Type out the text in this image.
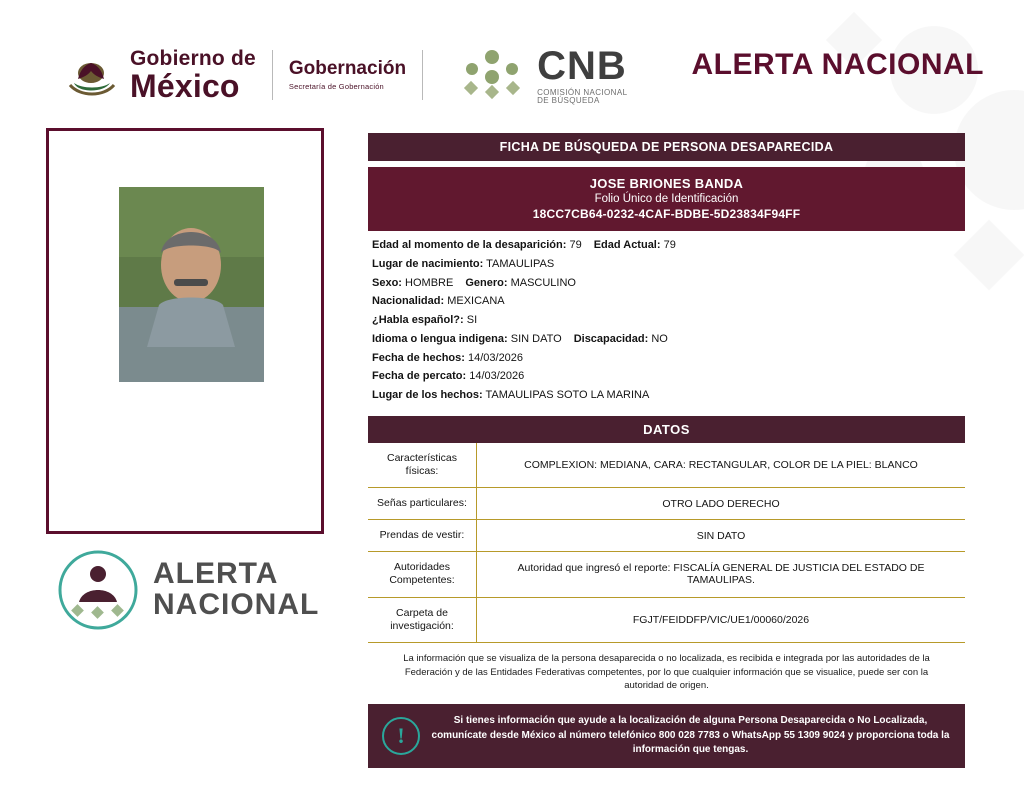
Gobierno de
México	Gobernación
Secretaría de Gobernación	CNB
COMISIÓN NACIONAL
DE BÚSQUEDA
ALERTA NACIONAL
ALERTA
NACIONAL
FICHA DE BÚSQUEDA DE PERSONA DESAPARECIDA
JOSE BRIONES BANDA
Folio Único de Identificación
18CC7CB64-0232-4CAF-BDBE-5D23834F94FF
Edad al momento de la desaparición: 79 Edad Actual: 79
Lugar de nacimiento: TAMAULIPAS
Sexo: HOMBRE Genero: MASCULINO
Nacionalidad: MEXICANA
¿Habla español?: SI
Idioma o lengua indigena: SIN DATO Discapacidad: NO
Fecha de hechos: 14/03/2026
Fecha de percato: 14/03/2026
Lugar de los hechos: TAMAULIPAS SOTO LA MARINA
DATOS
Características físicas:	COMPLEXION: MEDIANA, CARA: RECTANGULAR, COLOR DE LA PIEL: BLANCO
Señas particulares:	OTRO LADO DERECHO
Prendas de vestir:	SIN DATO
Autoridades Competentes:	Autoridad que ingresó el reporte: FISCALÍA GENERAL DE JUSTICIA DEL ESTADO DE TAMAULIPAS.
Carpeta de investigación:	FGJT/FEIDDFP/VIC/UE1/00060/2026
La información que se visualiza de la persona desaparecida o no localizada, es recibida e integrada por las autoridades de la Federación y de las Entidades Federativas competentes, por lo que cualquier información que se visualice, puede ser con la autoridad de origen.
!
Si tienes información que ayude a la localización de alguna Persona Desaparecida o No Localizada, comunícate desde México al número telefónico 800 028 7783 o WhatsApp 55 1309 9024 y proporciona toda la información que tengas.
